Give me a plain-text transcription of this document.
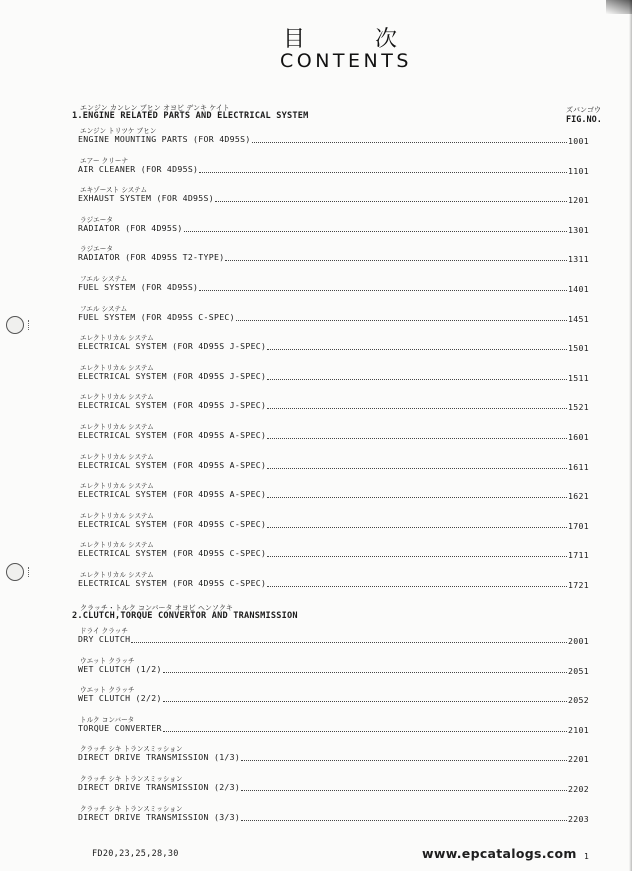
目次
CONTENTS
ズバンゴウ
FIG.NO.
エンジン カンレン ブヒン オヨビ デンキ ケイト
1.ENGINE RELATED PARTS AND ELECTRICAL SYSTEM
エンジン トリツケ ブヒン
ENGINE MOUNTING PARTS (FOR 4D95S)	1001
エアー クリーナ
AIR CLEANER (FOR 4D95S)	1101
エキゾースト システム
EXHAUST SYSTEM (FOR 4D95S)	1201
ラジエータ
RADIATOR (FOR 4D95S)	1301
ラジエータ
RADIATOR (FOR 4D95S T2-TYPE)	1311
フエル システム
FUEL SYSTEM (FOR 4D95S)	1401
フエル システム
FUEL SYSTEM (FOR 4D95S C-SPEC)	1451
エレクトリカル システム
ELECTRICAL SYSTEM (FOR 4D95S J-SPEC)	1501
エレクトリカル システム
ELECTRICAL SYSTEM (FOR 4D95S J-SPEC)	1511
エレクトリカル システム
ELECTRICAL SYSTEM (FOR 4D95S J-SPEC)	1521
エレクトリカル システム
ELECTRICAL SYSTEM (FOR 4D95S A-SPEC)	1601
エレクトリカル システム
ELECTRICAL SYSTEM (FOR 4D95S A-SPEC)	1611
エレクトリカル システム
ELECTRICAL SYSTEM (FOR 4D95S A-SPEC)	1621
エレクトリカル システム
ELECTRICAL SYSTEM (FOR 4D95S C-SPEC)	1701
エレクトリカル システム
ELECTRICAL SYSTEM (FOR 4D95S C-SPEC)	1711
エレクトリカル システム
ELECTRICAL SYSTEM (FOR 4D95S C-SPEC)	1721
クラッチ・トルク コンバータ オヨビ ヘンソクキ
2.CLUTCH,TORQUE CONVERTOR AND TRANSMISSION
ドライ クラッチ
DRY CLUTCH	2001
ウエット クラッチ
WET CLUTCH (1/2)	2051
ウエット クラッチ
WET CLUTCH (2/2)	2052
トルク コンバータ
TORQUE CONVERTER	2101
クラッチ シキ トランスミッション
DIRECT DRIVE TRANSMISSION (1/3)	2201
クラッチ シキ トランスミッション
DIRECT DRIVE TRANSMISSION (2/3)	2202
クラッチ シキ トランスミッション
DIRECT DRIVE TRANSMISSION (3/3)	2203
FD20,23,25,28,30	www.epcatalogs.com 1
